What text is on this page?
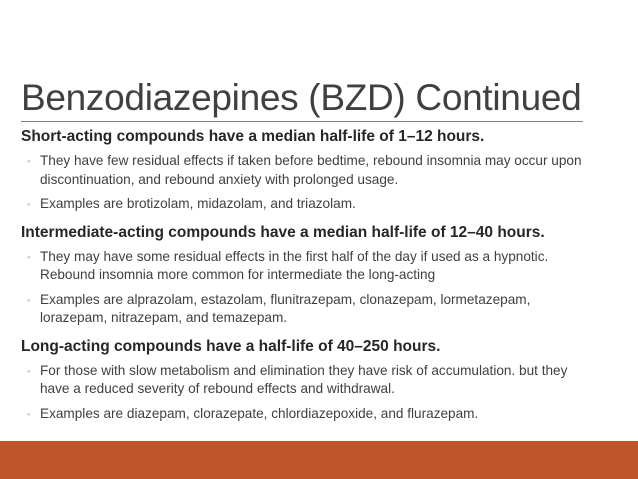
Benzodiazepines (BZD) Continued

Short-acting compounds have a median half-life of 1–12 hours.

◦ They have few residual effects if taken before bedtime, rebound insomnia may occur upon discontinuation, and rebound anxiety with prolonged usage.
◦ Examples are brotizolam, midazolam, and triazolam.

Intermediate-acting compounds have a median half-life of 12–40 hours.

◦ They may have some residual effects in the first half of the day if used as a hypnotic. Rebound insomnia more common for intermediate the long-acting
◦ Examples are alprazolam, estazolam, flunitrazepam, clonazepam, lormetazepam, lorazepam, nitrazepam, and temazepam.

Long-acting compounds have a half-life of 40–250 hours.

◦ For those with slow metabolism and elimination they have risk of accumulation. but they have a reduced severity of rebound effects and withdrawal.
◦ Examples are diazepam, clorazepate, chlordiazepoxide, and flurazepam.
